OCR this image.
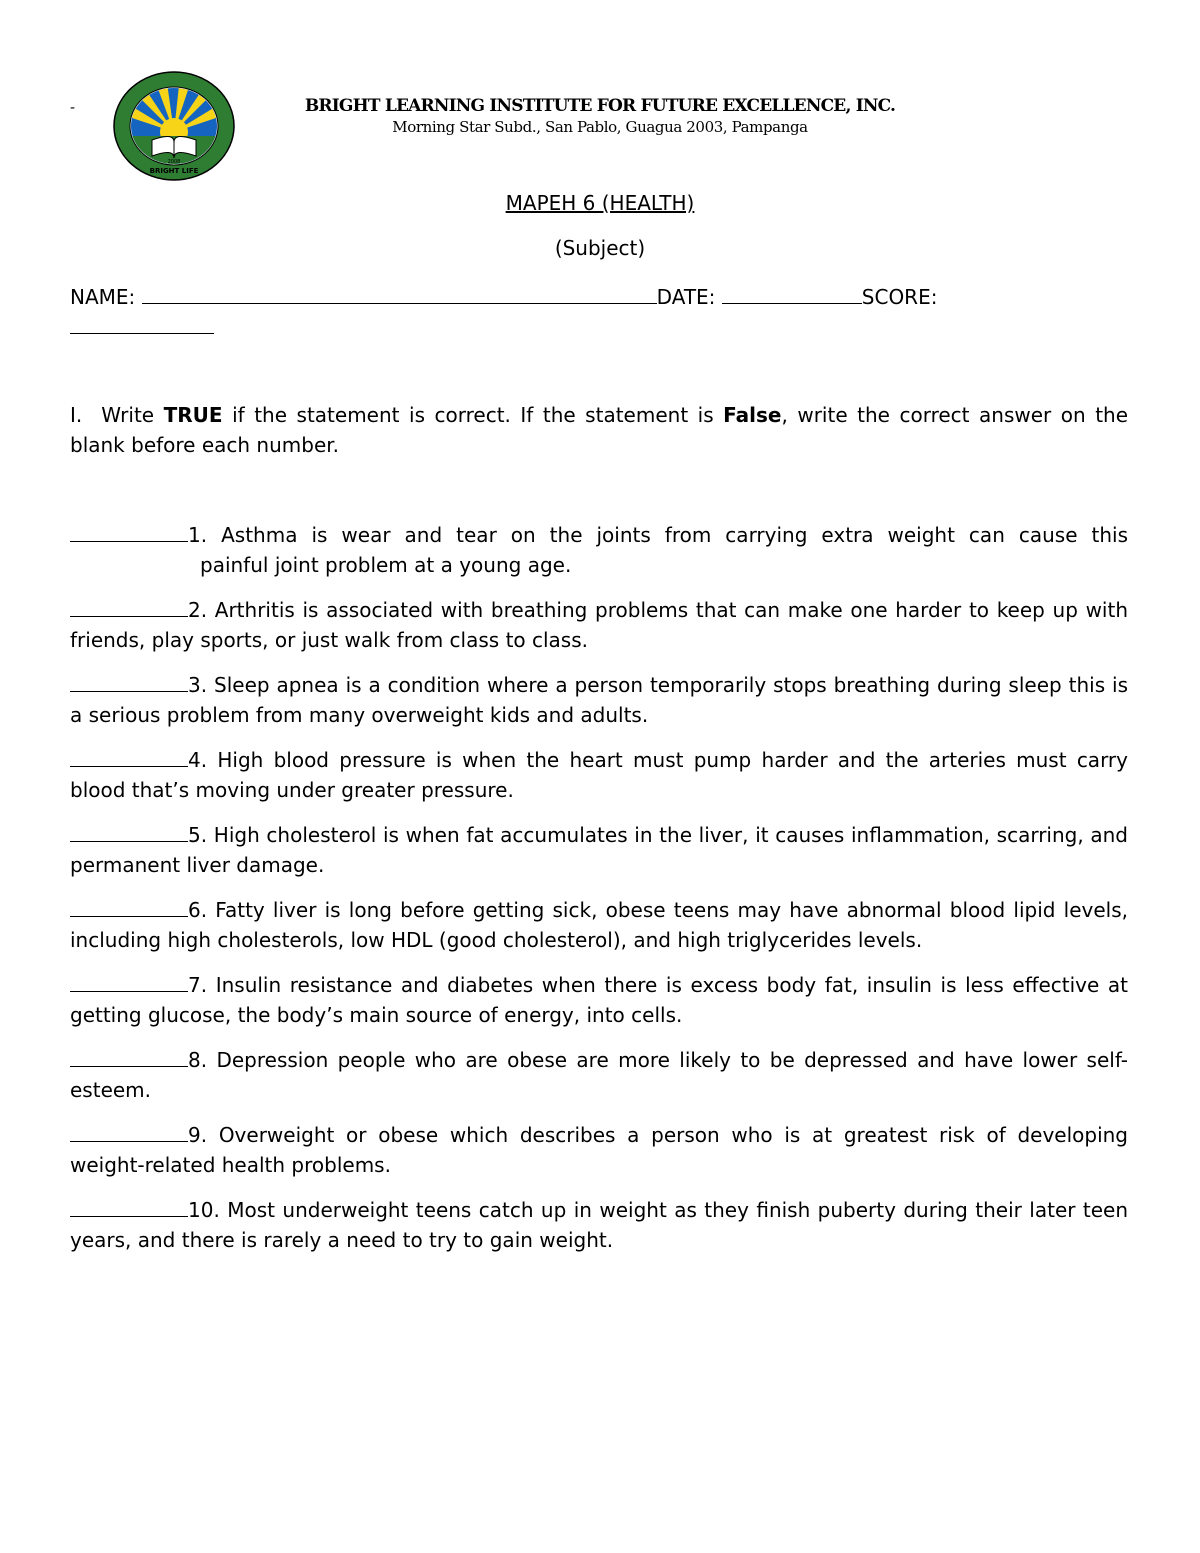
-
BRIGHT LIFE
2008
BRIGHT LEARNING INSTITUTE FOR FUTURE EXCELLENCE, INC.
Morning Star Subd., San Pablo, Guagua 2003, Pampanga
MAPEH 6 (HEALTH)
(Subject)
NAME:	DATE:	SCORE:

I. Write TRUE if the statement is correct. If the statement is False, write the correct answer on the blank before each number.
1. Asthma is wear and tear on the joints from carrying extra weight can cause this painful joint problem at a young age.
2. Arthritis is associated with breathing problems that can make one harder to keep up with friends, play sports, or just walk from class to class.
3. Sleep apnea is a condition where a person temporarily stops breathing during sleep this is a serious problem from many overweight kids and adults.
4. High blood pressure is when the heart must pump harder and the arteries must carry blood that’s moving under greater pressure.
5. High cholesterol is when fat accumulates in the liver, it causes inflammation, scarring, and permanent liver damage.
6. Fatty liver is long before getting sick, obese teens may have abnormal blood lipid levels, including high cholesterols, low HDL (good cholesterol), and high triglycerides levels.
7. Insulin resistance and diabetes when there is excess body fat, insulin is less effective at getting glucose, the body’s main source of energy, into cells.
8. Depression people who are obese are more likely to be depressed and have lower self-esteem.
9. Overweight or obese which describes a person who is at greatest risk of developing weight-related health problems.
10. Most underweight teens catch up in weight as they finish puberty during their later teen years, and there is rarely a need to try to gain weight.
